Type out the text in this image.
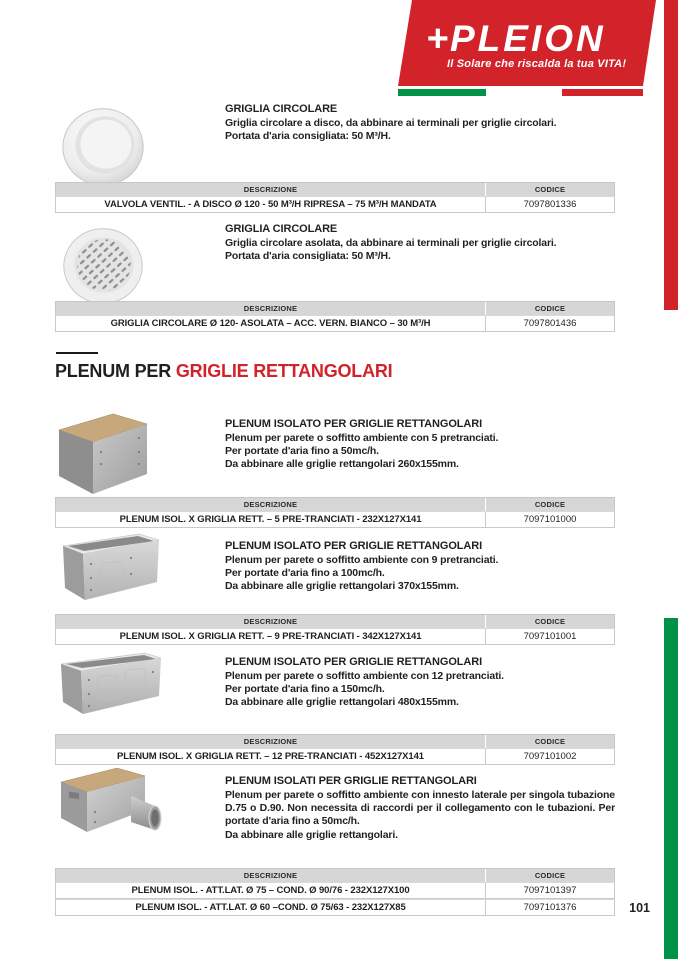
+ PLEION
Il Solare che riscalda la tua VITA!
GRIGLIA CIRCOLARE
Griglia circolare a disco, da abbinare ai terminali per griglie circolari.
Portata d'aria consigliata: 50 M³/H.
DESCRIZIONE	CODICE
VALVOLA VENTIL. - A DISCO Ø 120 - 50 M³/H RIPRESA – 75 M³/H MANDATA	7097801336
GRIGLIA CIRCOLARE
Griglia circolare asolata, da abbinare ai terminali per griglie circolari.
Portata d'aria consigliata: 50 M³/H.
DESCRIZIONE	CODICE
GRIGLIA CIRCOLARE Ø 120- ASOLATA – ACC. VERN. BIANCO – 30 M³/H	7097801436
PLENUM PER GRIGLIE RETTANGOLARI
PLENUM ISOLATO PER GRIGLIE RETTANGOLARI
Plenum per parete o soffitto ambiente con 5 pretranciati.
Per portate d'aria fino a 50mc/h.
Da abbinare alle griglie rettangolari 260x155mm.
DESCRIZIONE	CODICE
PLENUM ISOL. X GRIGLIA RETT. – 5 PRE-TRANCIATI - 232X127X141	7097101000
PLENUM ISOLATO PER GRIGLIE RETTANGOLARI
Plenum per parete o soffitto ambiente con 9 pretranciati.
Per portate d'aria fino a 100mc/h.
Da abbinare alle griglie rettangolari 370x155mm.
DESCRIZIONE	CODICE
PLENUM ISOL. X GRIGLIA RETT. – 9 PRE-TRANCIATI - 342X127X141	7097101001
PLENUM ISOLATO PER GRIGLIE RETTANGOLARI
Plenum per parete o soffitto ambiente con 12 pretranciati.
Per portate d'aria fino a 150mc/h.
Da abbinare alle griglie rettangolari 480x155mm.
DESCRIZIONE	CODICE
PLENUM ISOL. X GRIGLIA RETT. – 12 PRE-TRANCIATI - 452X127X141	7097101002
PLENUM ISOLATI PER GRIGLIE RETTANGOLARI
Plenum per parete o soffitto ambiente con innesto laterale per singola tubazione D.75 o D.90. Non necessita di raccordi per il collegamento con le tubazioni. Per portate d'aria fino a 50mc/h.
Da abbinare alle griglie rettangolari.
DESCRIZIONE	CODICE
PLENUM ISOL. - ATT.LAT. Ø 75 – COND. Ø 90/76 - 232X127X100	7097101397
PLENUM ISOL. - ATT.LAT. Ø 60 –COND. Ø 75/63 - 232X127X85	7097101376	101
